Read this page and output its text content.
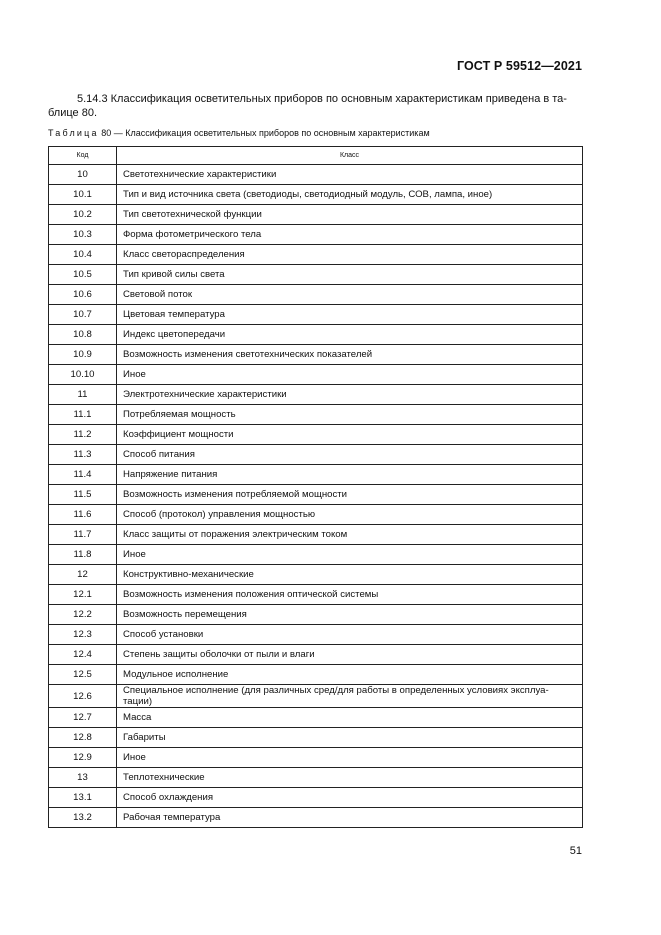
ГОСТ Р 59512—2021

5.14.3 Классификация осветительных приборов по основным характеристикам приведена в та-
блице 80.

Таблица 80 — Классификация осветительных приборов по основным характеристикам
Код	Класс
10	Светотехнические характеристики
10.1	Тип и вид источника света (светодиоды, светодиодный модуль, СОВ, лампа, иное)
10.2	Тип светотехнической функции
10.3	Форма фотометрического тела
10.4	Класс светораспределения
10.5	Тип кривой силы света
10.6	Световой поток
10.7	Цветовая температура
10.8	Индекс цветопередачи
10.9	Возможность изменения светотехнических показателей
10.10	Иное
11	Электротехнические характеристики
11.1	Потребляемая мощность
11.2	Коэффициент мощности
11.3	Способ питания
11.4	Напряжение питания
11.5	Возможность изменения потребляемой мощности
11.6	Способ (протокол) управления мощностью
11.7	Класс защиты от поражения электрическим током
11.8	Иное
12	Конструктивно-механические
12.1	Возможность изменения положения оптической системы
12.2	Возможность перемещения
12.3	Способ установки
12.4	Степень защиты оболочки от пыли и влаги
12.5	Модульное исполнение
12.6	Специальное исполнение (для различных сред/для работы в определенных условиях эксплуа-тации)
12.7	Масса
12.8	Габариты
12.9	Иное
13	Теплотехнические
13.1	Способ охлаждения
13.2	Рабочая температура
51
